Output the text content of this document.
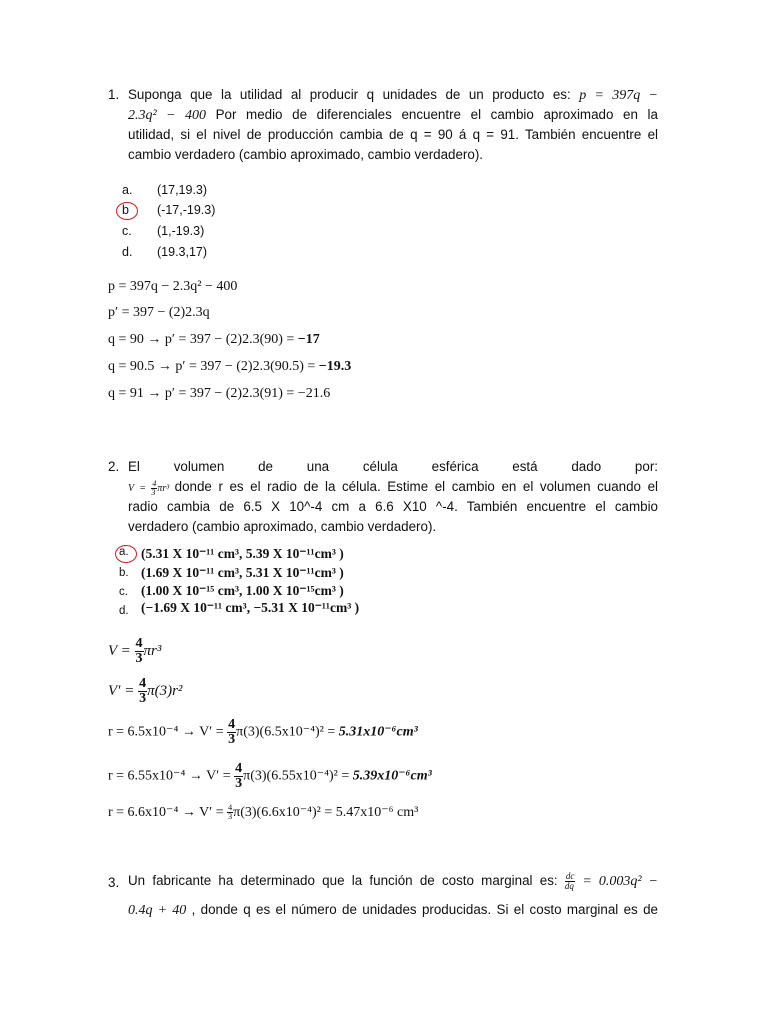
1. Suponga que la utilidad al producir q unidades de un producto es: p = 397q −
2.3q² − 400 Por medio de diferenciales encuentre el cambio aproximado en la
utilidad, si el nivel de producción cambia de q = 90 á q = 91. También encuentre el
cambio verdadero (cambio aproximado, cambio verdadero).
a. (17,19.3)
b (-17,-19.3)
c. (1,-19.3)
d. (19.3,17)
p = 397q − 2.3q² − 400
p′ = 397 − (2)2.3q
q = 90 → p′ = 397 − (2)2.3(90) = −17
q = 90.5 → p′ = 397 − (2)2.3(90.5) = −19.3
q = 91 → p′ = 397 − (2)2.3(91) = −21.6
2. El	volumen	de	una	célula	esférica	está	dado	por:
$V = \frac{4}{3} \pi r^3$ donde r es el radio de la célula. Estime el cambio en el volumen cuando el
radio cambia de 6.5 X 10^-4 cm a 6.6 X10 ^-4. También encuentre el cambio
verdadero (cambio aproximado, cambio verdadero).
a. (5.31 X 10⁻¹¹ cm³, 5.39 X 10⁻¹¹cm³ )
b. (1.69 X 10⁻¹¹ cm³, 5.31 X 10⁻¹¹cm³ )
c. (1.00 X 10⁻¹⁵ cm³, 1.00 X 10⁻¹⁵cm³ )
d. (−1.69 X 10⁻¹¹ cm³, −5.31 X 10⁻¹¹cm³ )
$V = \frac{4}{3} \pi r^3$
$V' = \frac{4}{3} \pi(3)r^2$
$r = 6.5x10^{-4} \to V' = \frac{4}{3} \pi(3)(6.5x10^{-4})^2 = 5.31x10^{-6}cm^3$
$r = 6.55x10^{-4} \to V' = \frac{4}{3} \pi(3)(6.55x10^{-4})^2 = 5.39x10^{-6}cm^3$
$r = 6.6x10^{-4} \to V' = \frac{4}{3} \pi(3)(6.6x10^{-4})^2 = 5.47x10^{-6}$ cm³
3. Un fabricante ha determinado que la función de costo marginal es: $\frac{dc}{dq} = 0.003q^2$ −
0.4q + 40 , donde q es el número de unidades producidas. Si el costo marginal es de
